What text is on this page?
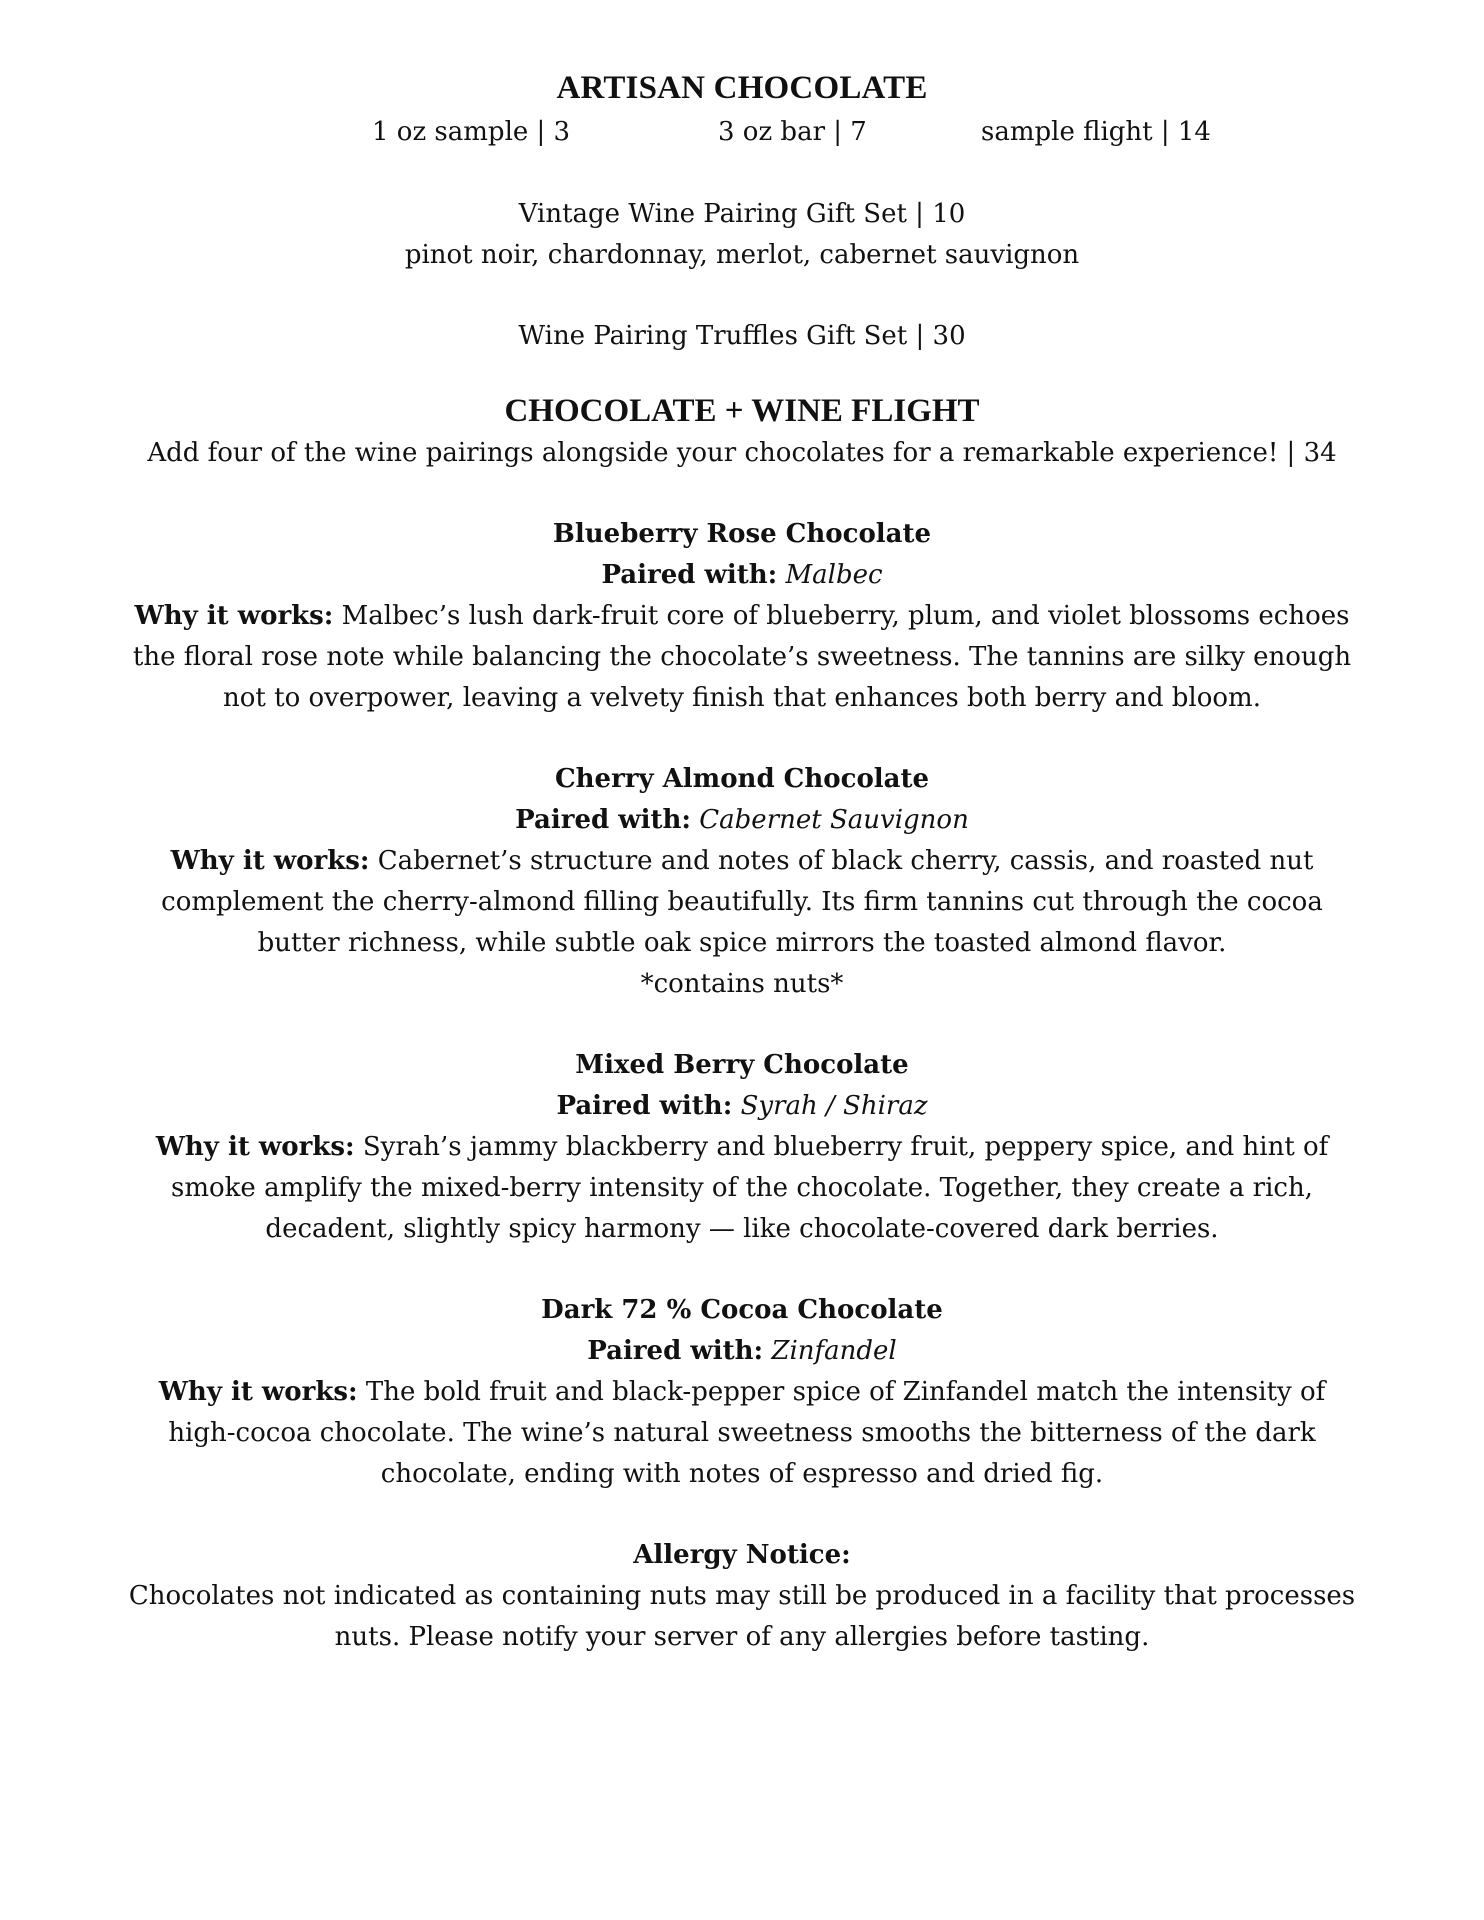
ARTISAN CHOCOLATE
1 oz sample | 3	3 oz bar | 7	sample flight | 14
Vintage Wine Pairing Gift Set | 10
pinot noir, chardonnay, merlot, cabernet sauvignon
Wine Pairing Truffles Gift Set | 30
CHOCOLATE + WINE FLIGHT
Add four of the wine pairings alongside your chocolates for a remarkable experience! | 34
Blueberry Rose Chocolate
Paired with: Malbec
Why it works: Malbec’s lush dark-fruit core of blueberry, plum, and violet blossoms echoes the floral rose note while balancing the chocolate’s sweetness. The tannins are silky enough not to overpower, leaving a velvety finish that enhances both berry and bloom.
Cherry Almond Chocolate
Paired with: Cabernet Sauvignon
Why it works: Cabernet’s structure and notes of black cherry, cassis, and roasted nut complement the cherry-almond filling beautifully. Its firm tannins cut through the cocoa butter richness, while subtle oak spice mirrors the toasted almond flavor.
*contains nuts*
Mixed Berry Chocolate
Paired with: Syrah / Shiraz
Why it works: Syrah’s jammy blackberry and blueberry fruit, peppery spice, and hint of smoke amplify the mixed-berry intensity of the chocolate. Together, they create a rich, decadent, slightly spicy harmony — like chocolate-covered dark berries.
Dark 72 % Cocoa Chocolate
Paired with: Zinfandel
Why it works: The bold fruit and black-pepper spice of Zinfandel match the intensity of high-cocoa chocolate. The wine’s natural sweetness smooths the bitterness of the dark chocolate, ending with notes of espresso and dried fig.
Allergy Notice:
Chocolates not indicated as containing nuts may still be produced in a facility that processes nuts. Please notify your server of any allergies before tasting.
